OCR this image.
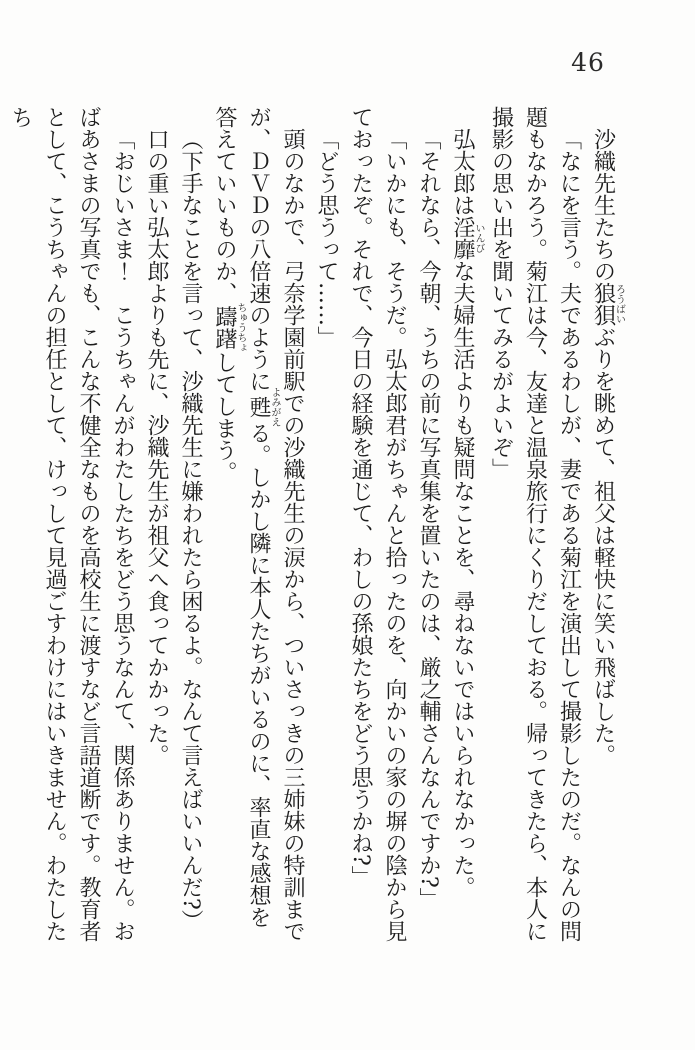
46

沙織先生たちの狼狽ろうばいぶりを眺めて、祖父は軽快に笑い飛ばした。

「なにを言う。夫であるわしが、妻である菊江を演出して撮影したのだ。なんの問題もなかろう。菊江は今、友達と温泉旅行にくりだしておる。帰ってきたら、本人に撮影の思い出を聞いてみるがよいぞ」

弘太郎は淫靡いんびな夫婦生活よりも疑問なことを、尋ねないではいられなかった。

「それなら、今朝、うちの前に写真集を置いたのは、厳之輔さんなんですか?」

「いかにも、そうだ。弘太郎君がちゃんと拾ったのを、向かいの家の塀の陰から見ておったぞ。それで、今日の経験を通じて、わしの孫娘たちをどう思うかね?」

「どう思うって……」

頭のなかで、弓奈学園前駅での沙織先生の涙から、ついさっきの三姉妹の特訓までが、ＤＶＤの八倍速のように甦よみがえる。しかし隣に本人たちがいるのに、率直な感想を答えていいものか、躊躇ちゅうちょしてしまう。

（下手なことを言って、沙織先生に嫌われたら困るよ。なんて言えばいいんだ?）

口の重い弘太郎よりも先に、沙織先生が祖父へ食ってかかった。

「おじいさま！　こうちゃんがわたしたちをどう思うなんて、関係ありません。おばあさまの写真でも、こんな不健全なものを高校生に渡すなど言語道断です。教育者として、こうちゃんの担任として、けっして見過ごすわけにはいきません。わたしたち
